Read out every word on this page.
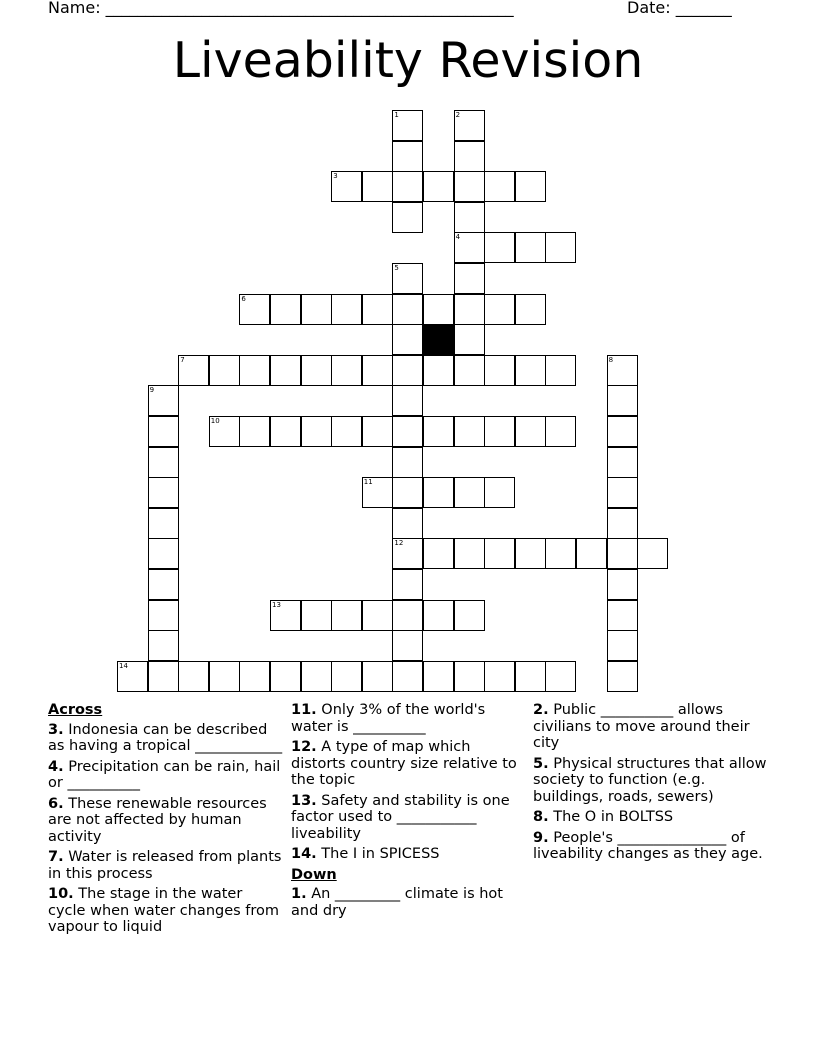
Name: ___________________________________________________	Date: _______
Liveability Revision
1	2
4
3
5
12
6
7	8
9
10
11
13
14
Across
3. Indonesia can be described as having a tropical ____________
4. Precipitation can be rain, hail or __________
6. These renewable resources are not affected by human activity
7. Water is released from plants in this process
10. The stage in the water cycle when water changes from vapour to liquid
11. Only 3% of the world's water is __________
12. A type of map which distorts country size relative to the topic
13. Safety and stability is one factor used to ___________ liveability
14. The I in SPICESS
Down
1. An _________ climate is hot and dry
2. Public __________ allows civilians to move around their city
5. Physical structures that allow society to function (e.g. buildings, roads, sewers)
8. The O in BOLTSS
9. People's _______________ of liveability changes as they age.
